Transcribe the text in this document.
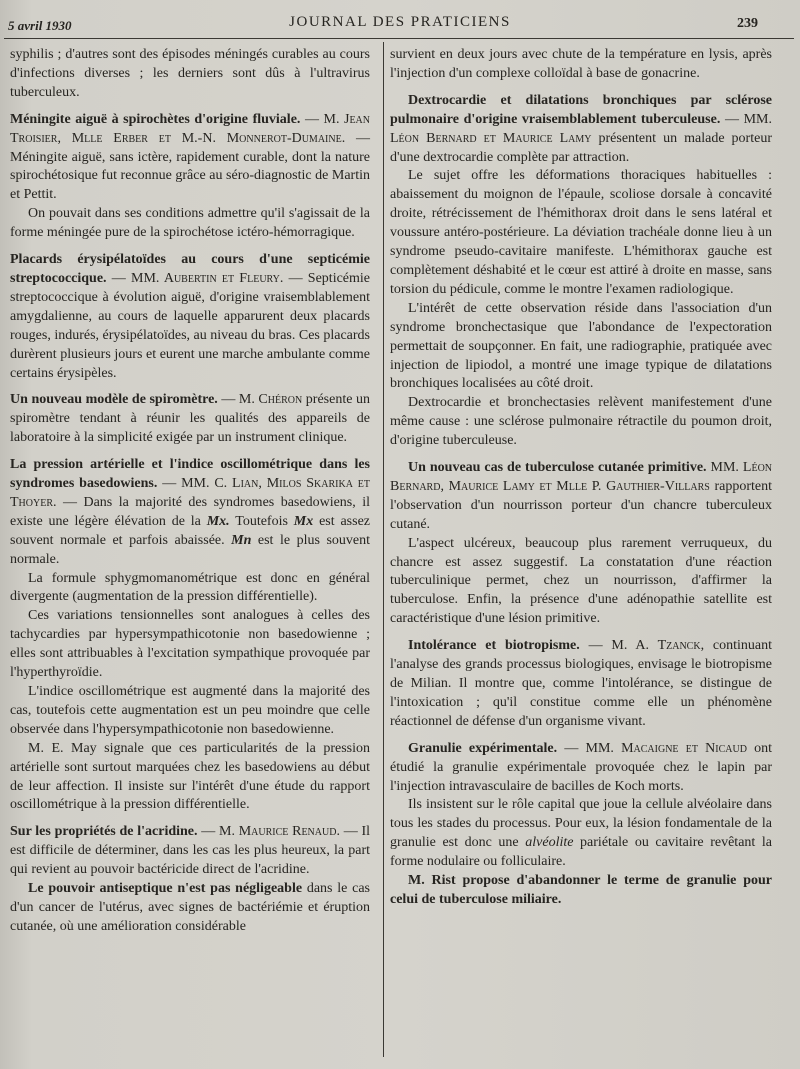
5 avril 1930	JOURNAL DES PRATICIENS	239

syphilis ; d'autres sont des épisodes méningés curables au cours d'infections diverses ; les derniers sont dûs à l'ultravirus tuberculeux.

Méningite aiguë à spirochètes d'origine fluviale. — M. Jean Troisier, Mlle Erber et M.-N. Monnerot-Dumaine. — Méningite aiguë, sans ictère, rapidement curable, dont la nature spirochétosique fut reconnue grâce au séro-diagnostic de Martin et Pettit.

On pouvait dans ses conditions admettre qu'il s'agissait de la forme méningée pure de la spirochétose ictéro-hémorragique.

Placards érysipélatoïdes au cours d'une septicémie streptococcique. — MM. Aubertin et Fleury. — Septicémie streptococcique à évolution aiguë, d'origine vraisemblablement amygdalienne, au cours de laquelle apparurent deux placards rouges, indurés, érysipélatoïdes, au niveau du bras. Ces placards durèrent plusieurs jours et eurent une marche ambulante comme certains érysipèles.

Un nouveau modèle de spiromètre. — M. Chéron présente un spiromètre tendant à réunir les qualités des appareils de laboratoire à la simplicité exigée par un instrument clinique.

La pression artérielle et l'indice oscillométrique dans les syndromes basedowiens. — MM. C. Lian, Milos Skarika et Thoyer. — Dans la majorité des syndromes basedowiens, il existe une légère élévation de la Mx. Toutefois Mx est assez souvent normale et parfois abaissée. Mn est le plus souvent normale.

La formule sphygmomanométrique est donc en général divergente (augmentation de la pression différentielle).

Ces variations tensionnelles sont analogues à celles des tachycardies par hypersympathicotonie non basedowienne ; elles sont attribuables à l'excitation sympathique provoquée par l'hyperthyroïdie.

L'indice oscillométrique est augmenté dans la majorité des cas, toutefois cette augmentation est un peu moindre que celle observée dans l'hypersympathicotonie non basedowienne.

M. E. May signale que ces particularités de la pression artérielle sont surtout marquées chez les basedowiens au début de leur affection. Il insiste sur l'intérêt d'une étude du rapport oscillométrique à la pression différentielle.

Sur les propriétés de l'acridine. — M. Maurice Renaud. — Il est difficile de déterminer, dans les cas les plus heureux, la part qui revient au pouvoir bactéricide direct de l'acridine.

Le pouvoir antiseptique n'est pas négligeable dans le cas d'un cancer de l'utérus, avec signes de bactériémie et éruption cutanée, où une amélioration considérable

survient en deux jours avec chute de la température en lysis, après l'injection d'un complexe colloïdal à base de gonacrine.

Dextrocardie et dilatations bronchiques par sclérose pulmonaire d'origine vraisemblablement tuberculeuse. — MM. Léon Bernard et Maurice Lamy présentent un malade porteur d'une dextrocardie complète par attraction.

Le sujet offre les déformations thoraciques habituelles : abaissement du moignon de l'épaule, scoliose dorsale à concavité droite, rétrécissement de l'hémithorax droit dans le sens latéral et voussure antéro-postérieure. La déviation trachéale donne lieu à un syndrome pseudo-cavitaire manifeste. L'hémithorax gauche est complètement déshabité et le cœur est attiré à droite en masse, sans torsion du pédicule, comme le montre l'examen radiologique.

L'intérêt de cette observation réside dans l'association d'un syndrome bronchectasique que l'abondance de l'expectoration permettait de soupçonner. En fait, une radiographie, pratiquée avec injection de lipiodol, a montré une image typique de dilatations bronchiques localisées au côté droit.

Dextrocardie et bronchectasies relèvent manifestement d'une même cause : une sclérose pulmonaire rétractile du poumon droit, d'origine tuberculeuse.

Un nouveau cas de tuberculose cutanée primitive. MM. Léon Bernard, Maurice Lamy et Mlle P. Gauthier-Villars rapportent l'observation d'un nourrisson porteur d'un chancre tuberculeux cutané.

L'aspect ulcéreux, beaucoup plus rarement verruqueux, du chancre est assez suggestif. La constatation d'une réaction tuberculinique permet, chez un nourrisson, d'affirmer la tuberculose. Enfin, la présence d'une adénopathie satellite est caractéristique d'une lésion primitive.

Intolérance et biotropisme. — M. A. Tzanck, continuant l'analyse des grands processus biologiques, envisage le biotropisme de Milian. Il montre que, comme l'intolérance, se distingue de l'intoxication ; qu'il constitue comme elle un phénomène réactionnel de défense d'un organisme vivant.

Granulie expérimentale. — MM. Macaigne et Nicaud ont étudié la granulie expérimentale provoquée chez le lapin par l'injection intravasculaire de bacilles de Koch morts.

Ils insistent sur le rôle capital que joue la cellule alvéolaire dans tous les stades du processus. Pour eux, la lésion fondamentale de la granulie est donc une alvéolite pariétale ou cavitaire revêtant la forme nodulaire ou folliculaire.

M. Rist propose d'abandonner le terme de granulie pour celui de tuberculose miliaire.
